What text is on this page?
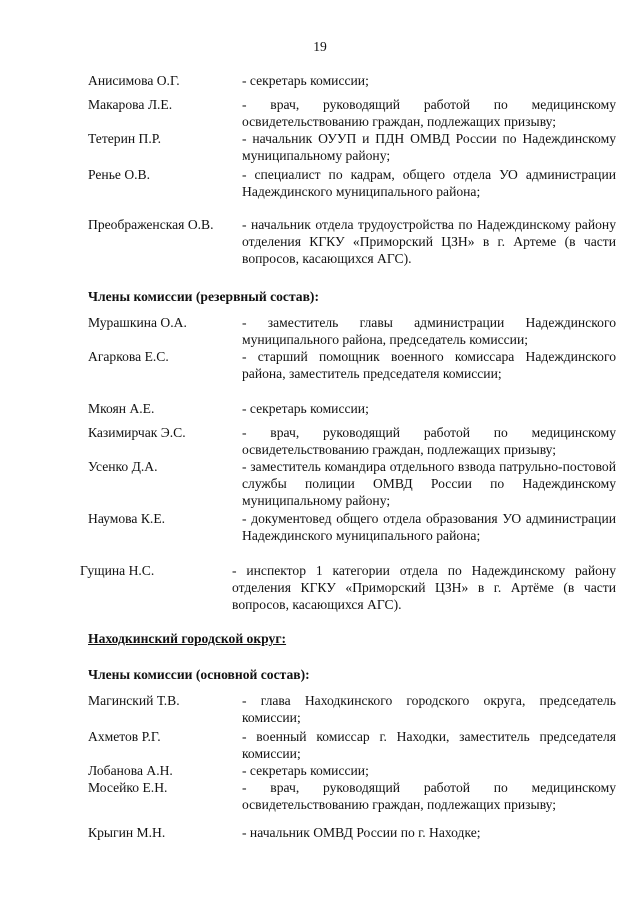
19
Анисимова О.Г.	- секретарь комиссии;
Макарова Л.Е.	- врач, руководящий работой по медицинскому освидетельствованию граждан, подлежащих призыву;
Тетерин П.Р.	- начальник ОУУП и ПДН ОМВД России по Надеждинскому муниципальному району;
Ренье О.В.	- специалист по кадрам, общего отдела УО администрации Надеждинского муниципального района;
Преображенская О.В.	- начальник отдела трудоустройства по Надеждинскому району отделения КГКУ «Приморский ЦЗН» в г. Артеме (в части вопросов, касающихся АГС).
Члены комиссии (резервный состав):
Мурашкина О.А.	- заместитель главы администрации Надеждинского муниципального района, председатель комиссии;
Агаркова Е.С.	- старший помощник военного комиссара Надеждинского района, заместитель председателя комиссии;
Мкоян А.Е.	- секретарь комиссии;
Казимирчак Э.С.	- врач, руководящий работой по медицинскому освидетельствованию граждан, подлежащих призыву;
Усенко Д.А.	- заместитель командира отдельного взвода патрульно-постовой службы полиции ОМВД России по Надеждинскому муниципальному району;
Наумова К.Е.	- документовед общего отдела образования УО администрации Надеждинского муниципального района;
Гущина Н.С.	- инспектор 1 категории отдела по Надеждинскому району отделения КГКУ «Приморский ЦЗН» в г. Артёме (в части вопросов, касающихся АГС).
Находкинский городской округ:
Члены комиссии (основной состав):
Магинский Т.В.	- глава Находкинского городского округа, председатель комиссии;
Ахметов Р.Г.	- военный комиссар г. Находки, заместитель председателя комиссии;
Лобанова А.Н.	- секретарь комиссии;
Мосейко Е.Н.	- врач, руководящий работой по медицинскому освидетельствованию граждан, подлежащих призыву;
Крыгин М.Н.	- начальник ОМВД России по г. Находке;
